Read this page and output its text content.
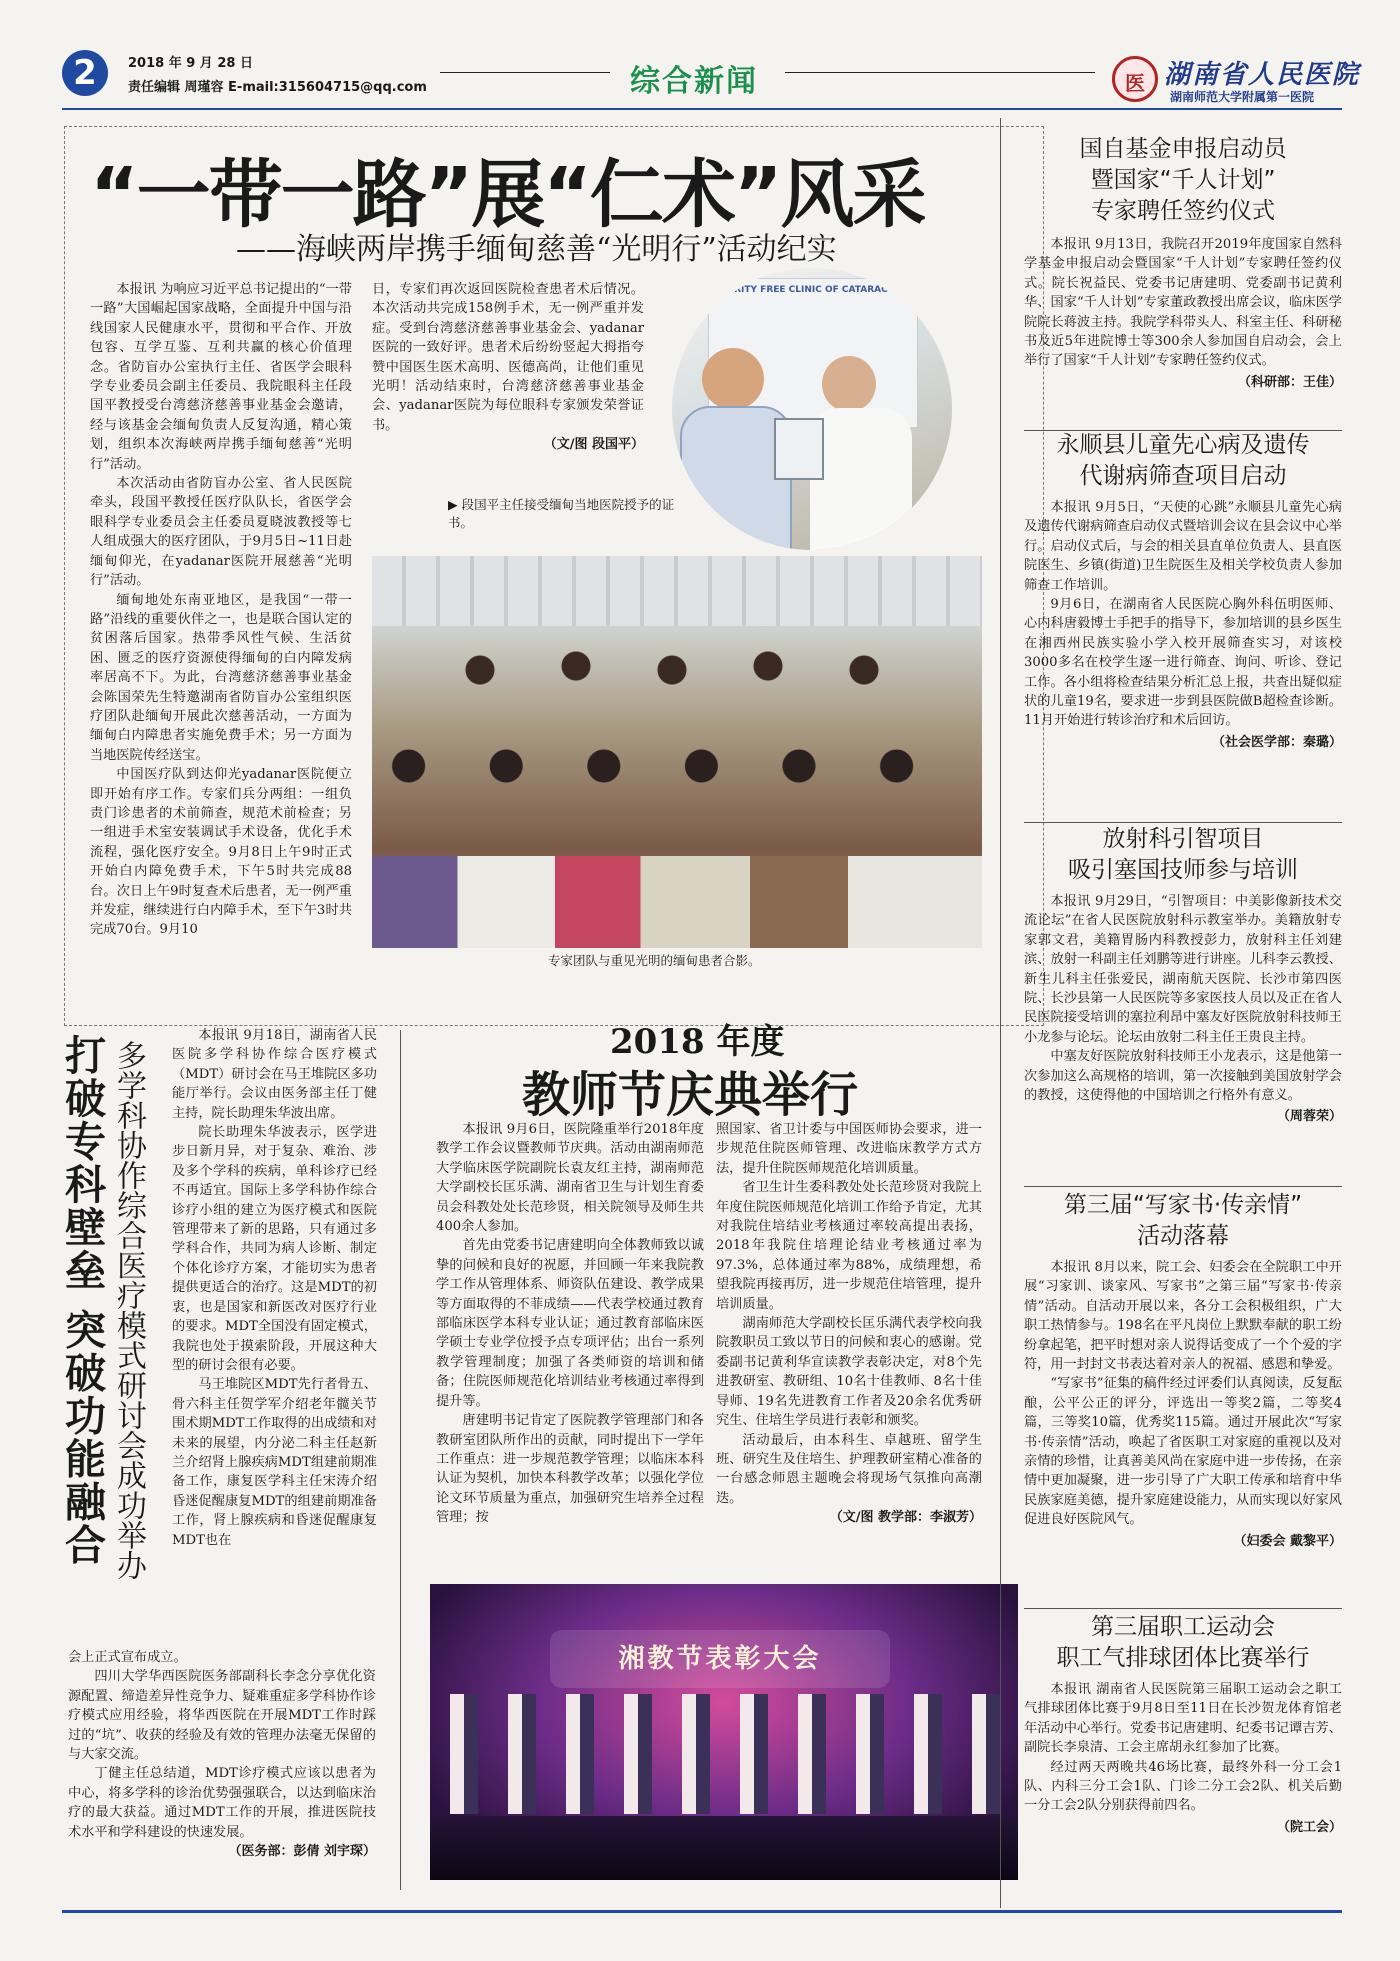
2	2018 年 9 月 28 日
责任编辑 周瑾容 E-mail:315604715@qq.com	综合新闻
医	湖南省人民医院
湖南师范大学附属第一医院
“一带一路”展“仁术”风采
——海峡两岸携手缅甸慈善“光明行”活动纪实

本报讯 为响应习近平总书记提出的“一带一路”大国崛起国家战略，全面提升中国与沿线国家人民健康水平，贯彻和平合作、开放包容、互学互鉴、互利共赢的核心价值理念。省防盲办公室执行主任、省医学会眼科学专业委员会副主任委员、我院眼科主任段国平教授受台湾慈济慈善事业基金会邀请，经与该基金会缅甸负责人反复沟通，精心策划，组织本次海峡两岸携手缅甸慈善“光明行”活动。

本次活动由省防盲办公室、省人民医院牵头，段国平教授任医疗队队长，省医学会眼科学专业委员会主任委员夏晓波教授等七人组成强大的医疗团队，于9月5日~11日赴缅甸仰光，在yadanar医院开展慈善“光明行”活动。

缅甸地处东南亚地区，是我国“一带一路”沿线的重要伙伴之一，也是联合国认定的贫困落后国家。热带季风性气候、生活贫困、匮乏的医疗资源使得缅甸的白内障发病率居高不下。为此，台湾慈济慈善事业基金会陈国荣先生特邀湖南省防盲办公室组织医疗团队赴缅甸开展此次慈善活动，一方面为缅甸白内障患者实施免费手术；另一方面为当地医院传经送宝。

中国医疗队到达仰光yadanar医院便立即开始有序工作。专家们兵分两组：一组负责门诊患者的术前筛查，规范术前检查；另一组进手术室安装调试手术设备，优化手术流程，强化医疗安全。9月8日上午9时正式开始白内障免费手术，下午5时共完成88台。次日上午9时复查术后患者，无一例严重并发症，继续进行白内障手术，至下午3时共完成70台。9月10

日，专家们再次返回医院检查患者术后情况。本次活动共完成158例手术，无一例严重并发症。受到台湾慈济慈善事业基金会、yadanar医院的一致好评。患者术后纷纷竖起大拇指夸赞中国医生医术高明、医德高尚，让他们重见光明！活动结束时，台湾慈济慈善事业基金会、yadanar医院为每位眼科专家颁发荣誉证书。

（文/图 段国平）
CHARITY FREE CLINIC OF CATARACT S
▶ 段国平主任接受缅甸当地医院授予的证书。
专家团队与重见光明的缅甸患者合影。
打破专科壁垒 突破功能融合 多学科协作综合医疗模式研讨会成功举办

本报讯 9月18日，湖南省人民医院多学科协作综合医疗模式（MDT）研讨会在马王堆院区多功能厅举行。会议由医务部主任丁健主持，院长助理朱华波出席。

院长助理朱华波表示，医学进步日新月异，对于复杂、难治、涉及多个学科的疾病，单科诊疗已经不再适宜。国际上多学科协作综合诊疗小组的建立为医疗模式和医院管理带来了新的思路，只有通过多学科合作，共同为病人诊断、制定个体化诊疗方案，才能切实为患者提供更适合的治疗。这是MDT的初衷，也是国家和新医改对医疗行业的要求。MDT全国没有固定模式，我院也处于摸索阶段，开展这种大型的研讨会很有必要。

马王堆院区MDT先行者骨五、骨六科主任贺学军介绍老年髋关节围术期MDT工作取得的出成绩和对未来的展望，内分泌二科主任赵新兰介绍肾上腺疾病MDT组建前期准备工作，康复医学科主任宋涛介绍昏迷促醒康复MDT的组建前期准备工作，肾上腺疾病和昏迷促醒康复MDT也在

会上正式宣布成立。

四川大学华西医院医务部副科长李念分享优化资源配置、缔造差异性竞争力、疑难重症多学科协作诊疗模式应用经验，将华西医院在开展MDT工作时踩过的“坑”、收获的经验及有效的管理办法毫无保留的与大家交流。

丁健主任总结道，MDT诊疗模式应该以患者为中心，将多学科的诊治优势强强联合，以达到临床治疗的最大获益。通过MDT工作的开展，推进医院技术水平和学科建设的快速发展。

（医务部：彭倩 刘宇琛）
2018 年度
教师节庆典举行

本报讯 9月6日，医院隆重举行2018年度教学工作会议暨教师节庆典。活动由湖南师范大学临床医学院副院长袁友红主持，湖南师范大学副校长匡乐满、湖南省卫生与计划生育委员会科教处处长范珍贤，相关院领导及师生共400余人参加。

首先由党委书记唐建明向全体教师致以诚挚的问候和良好的祝愿，并回顾一年来我院教学工作从管理体系、师资队伍建设、教学成果等方面取得的不菲成绩——代表学校通过教育部临床医学本科专业认证；通过教育部临床医学硕士专业学位授予点专项评估；出台一系列教学管理制度；加强了各类师资的培训和储备；住院医师规范化培训结业考核通过率得到提升等。

唐建明书记肯定了医院教学管理部门和各教研室团队所作出的贡献，同时提出下一学年工作重点：进一步规范教学管理；以临床本科认证为契机，加快本科教学改革；以强化学位论文环节质量为重点，加强研究生培养全过程管理；按

照国家、省卫计委与中国医师协会要求，进一步规范住院医师管理、改进临床教学方式方法，提升住院医师规范化培训质量。

省卫生计生委科教处处长范珍贤对我院上年度住院医师规范化培训工作给予肯定，尤其对我院住培结业考核通过率较高提出表扬，2018年我院住培理论结业考核通过率为97.3%，总体通过率为88%，成绩理想，希望我院再接再厉，进一步规范住培管理，提升培训质量。

湖南师范大学副校长匡乐满代表学校向我院教职员工致以节日的问候和衷心的感谢。党委副书记黄利华宣读教学表彰决定，对8个先进教研室、教研组、10名十佳教师、8名十佳导师、19名先进教育工作者及20余名优秀研究生、住培生学员进行表彰和颁奖。

活动最后，由本科生、卓越班、留学生班、研究生及住培生、护理教研室精心准备的一台感念师恩主题晚会将现场气氛推向高潮迭。

（文/图 教学部：李淑芳）
湘教节表彰大会
国自基金申报启动员
暨国家“千人计划”
专家聘任签约仪式

本报讯 9月13日，我院召开2019年度国家自然科学基金申报启动会暨国家“千人计划”专家聘任签约仪式。院长祝益民、党委书记唐建明、党委副书记黄利华、国家“千人计划”专家董政教授出席会议，临床医学院院长蒋波主持。我院学科带头人、科室主任、科研秘书及近5年进院博士等300余人参加国自启动会，会上举行了国家“千人计划”专家聘任签约仪式。

（科研部：王佳）
永顺县儿童先心病及遗传
代谢病筛查项目启动

本报讯 9月5日，“天使的心跳”永顺县儿童先心病及遗传代谢病筛查启动仪式暨培训会议在县会议中心举行。启动仪式后，与会的相关县直单位负责人、县直医院医生、乡镇(街道)卫生院医生及相关学校负责人参加筛查工作培训。

9月6日，在湖南省人民医院心胸外科伍明医师、心内科唐毅博士手把手的指导下，参加培训的县乡医生在湘西州民族实验小学入校开展筛查实习，对该校3000多名在校学生逐一进行筛查、询问、听诊、登记工作。各小组将检查结果分析汇总上报，共查出疑似症状的儿童19名，要求进一步到县医院做B超检查诊断。11月开始进行转诊治疗和术后回访。

（社会医学部：秦璐）
放射科引智项目
吸引塞国技师参与培训

本报讯 9月29日，“引智项目：中美影像新技术交流论坛”在省人民医院放射科示教室举办。美籍放射专家郭文君，美籍胃肠内科教授彭力，放射科主任刘建滨、放射一科副主任刘鹏等进行讲座。儿科李云教授、新生儿科主任张爱民，湖南航天医院、长沙市第四医院、长沙县第一人民医院等多家医技人员以及正在省人民医院接受培训的塞拉利昂中塞友好医院放射科技师王小龙参与论坛。论坛由放射二科主任王贵良主持。

中塞友好医院放射科技师王小龙表示，这是他第一次参加这么高规格的培训，第一次接触到美国放射学会的教授，这使得他的中国培训之行格外有意义。

（周蓉荣）
第三届“写家书·传亲情”
活动落幕

本报讯 8月以来，院工会、妇委会在全院职工中开展“习家训、谈家风、写家书”之第三届“写家书·传亲情”活动。自活动开展以来，各分工会积极组织，广大职工热情参与。198名在平凡岗位上默默奉献的职工纷纷拿起笔，把平时想对亲人说得话变成了一个个爱的字符，用一封封文书表达着对亲人的祝福、感恩和挚爱。

“写家书”征集的稿件经过评委们认真阅读，反复酝酿，公平公正的评分，评选出一等奖2篇，二等奖4篇，三等奖10篇，优秀奖115篇。通过开展此次“写家书·传亲情”活动，唤起了省医职工对家庭的重视以及对亲情的珍惜，让真善美风尚在家庭中进一步传扬，在亲情中更加凝聚，进一步引导了广大职工传承和培育中华民族家庭美德，提升家庭建设能力，从而实现以好家风促进良好医院风气。

（妇委会 戴黎平）
第三届职工运动会
职工气排球团体比赛举行

本报讯 湖南省人民医院第三届职工运动会之职工气排球团体比赛于9月8日至11日在长沙贺龙体育馆老年活动中心举行。党委书记唐建明、纪委书记谭吉芳、副院长李泉清、工会主席胡永红参加了比赛。

经过两天两晚共46场比赛，最终外科一分工会1队、内科三分工会1队、门诊二分工会2队、机关后勤一分工会2队分别获得前四名。

（院工会）
